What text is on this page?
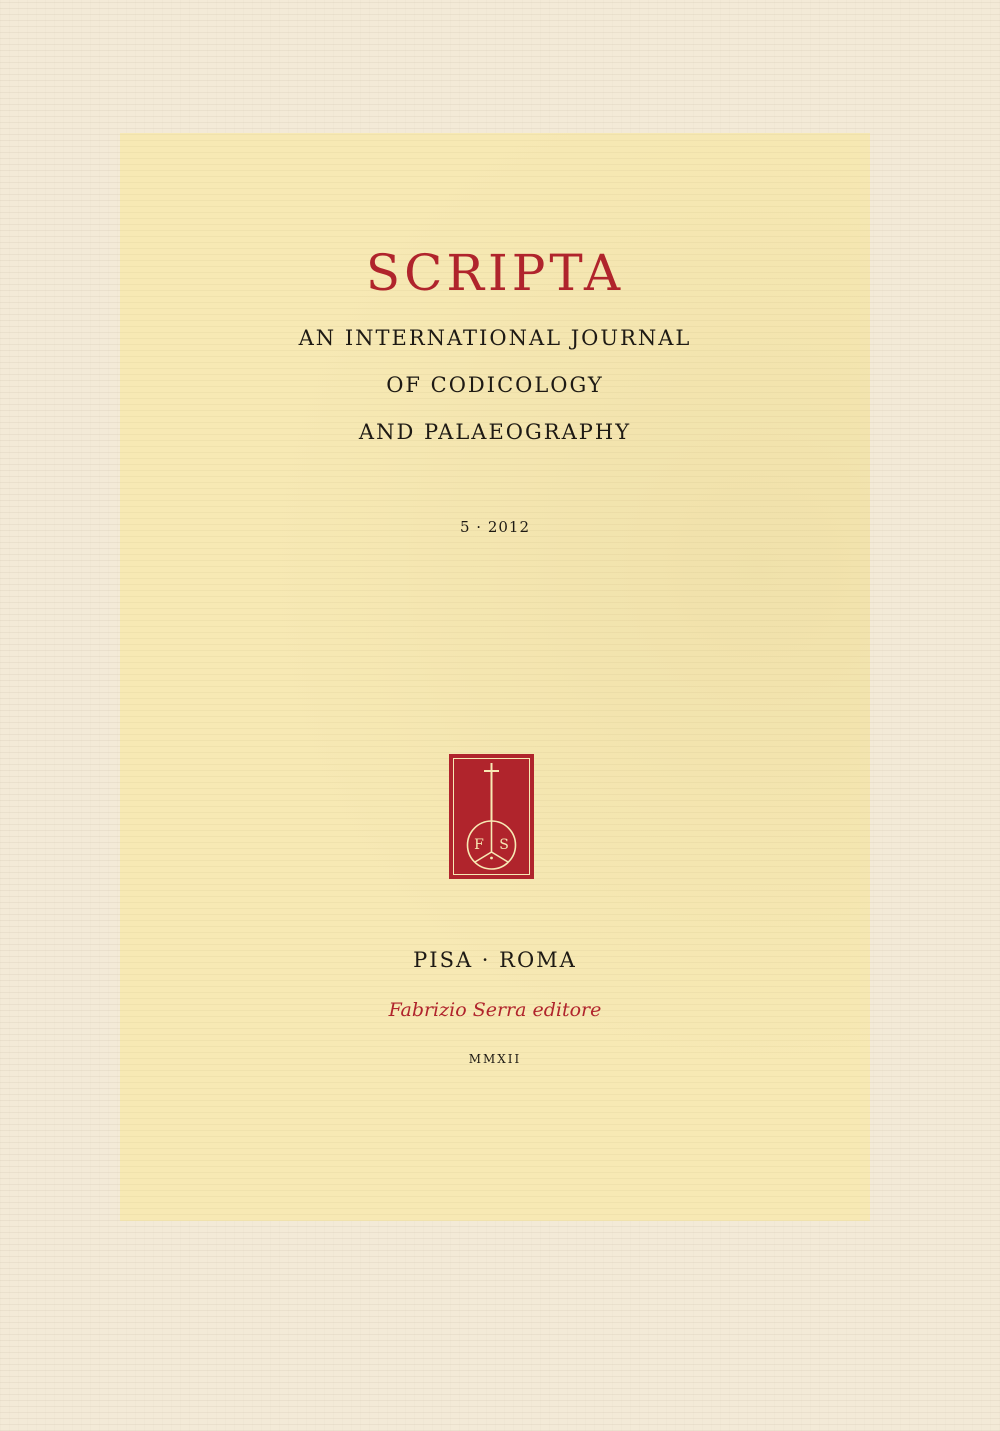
SCRIPTA
AN INTERNATIONAL JOURNAL
OF CODICOLOGY
AND PALAEOGRAPHY
5 · 2012
F S
PISA · ROMA
Fabrizio Serra editore
MMXII
